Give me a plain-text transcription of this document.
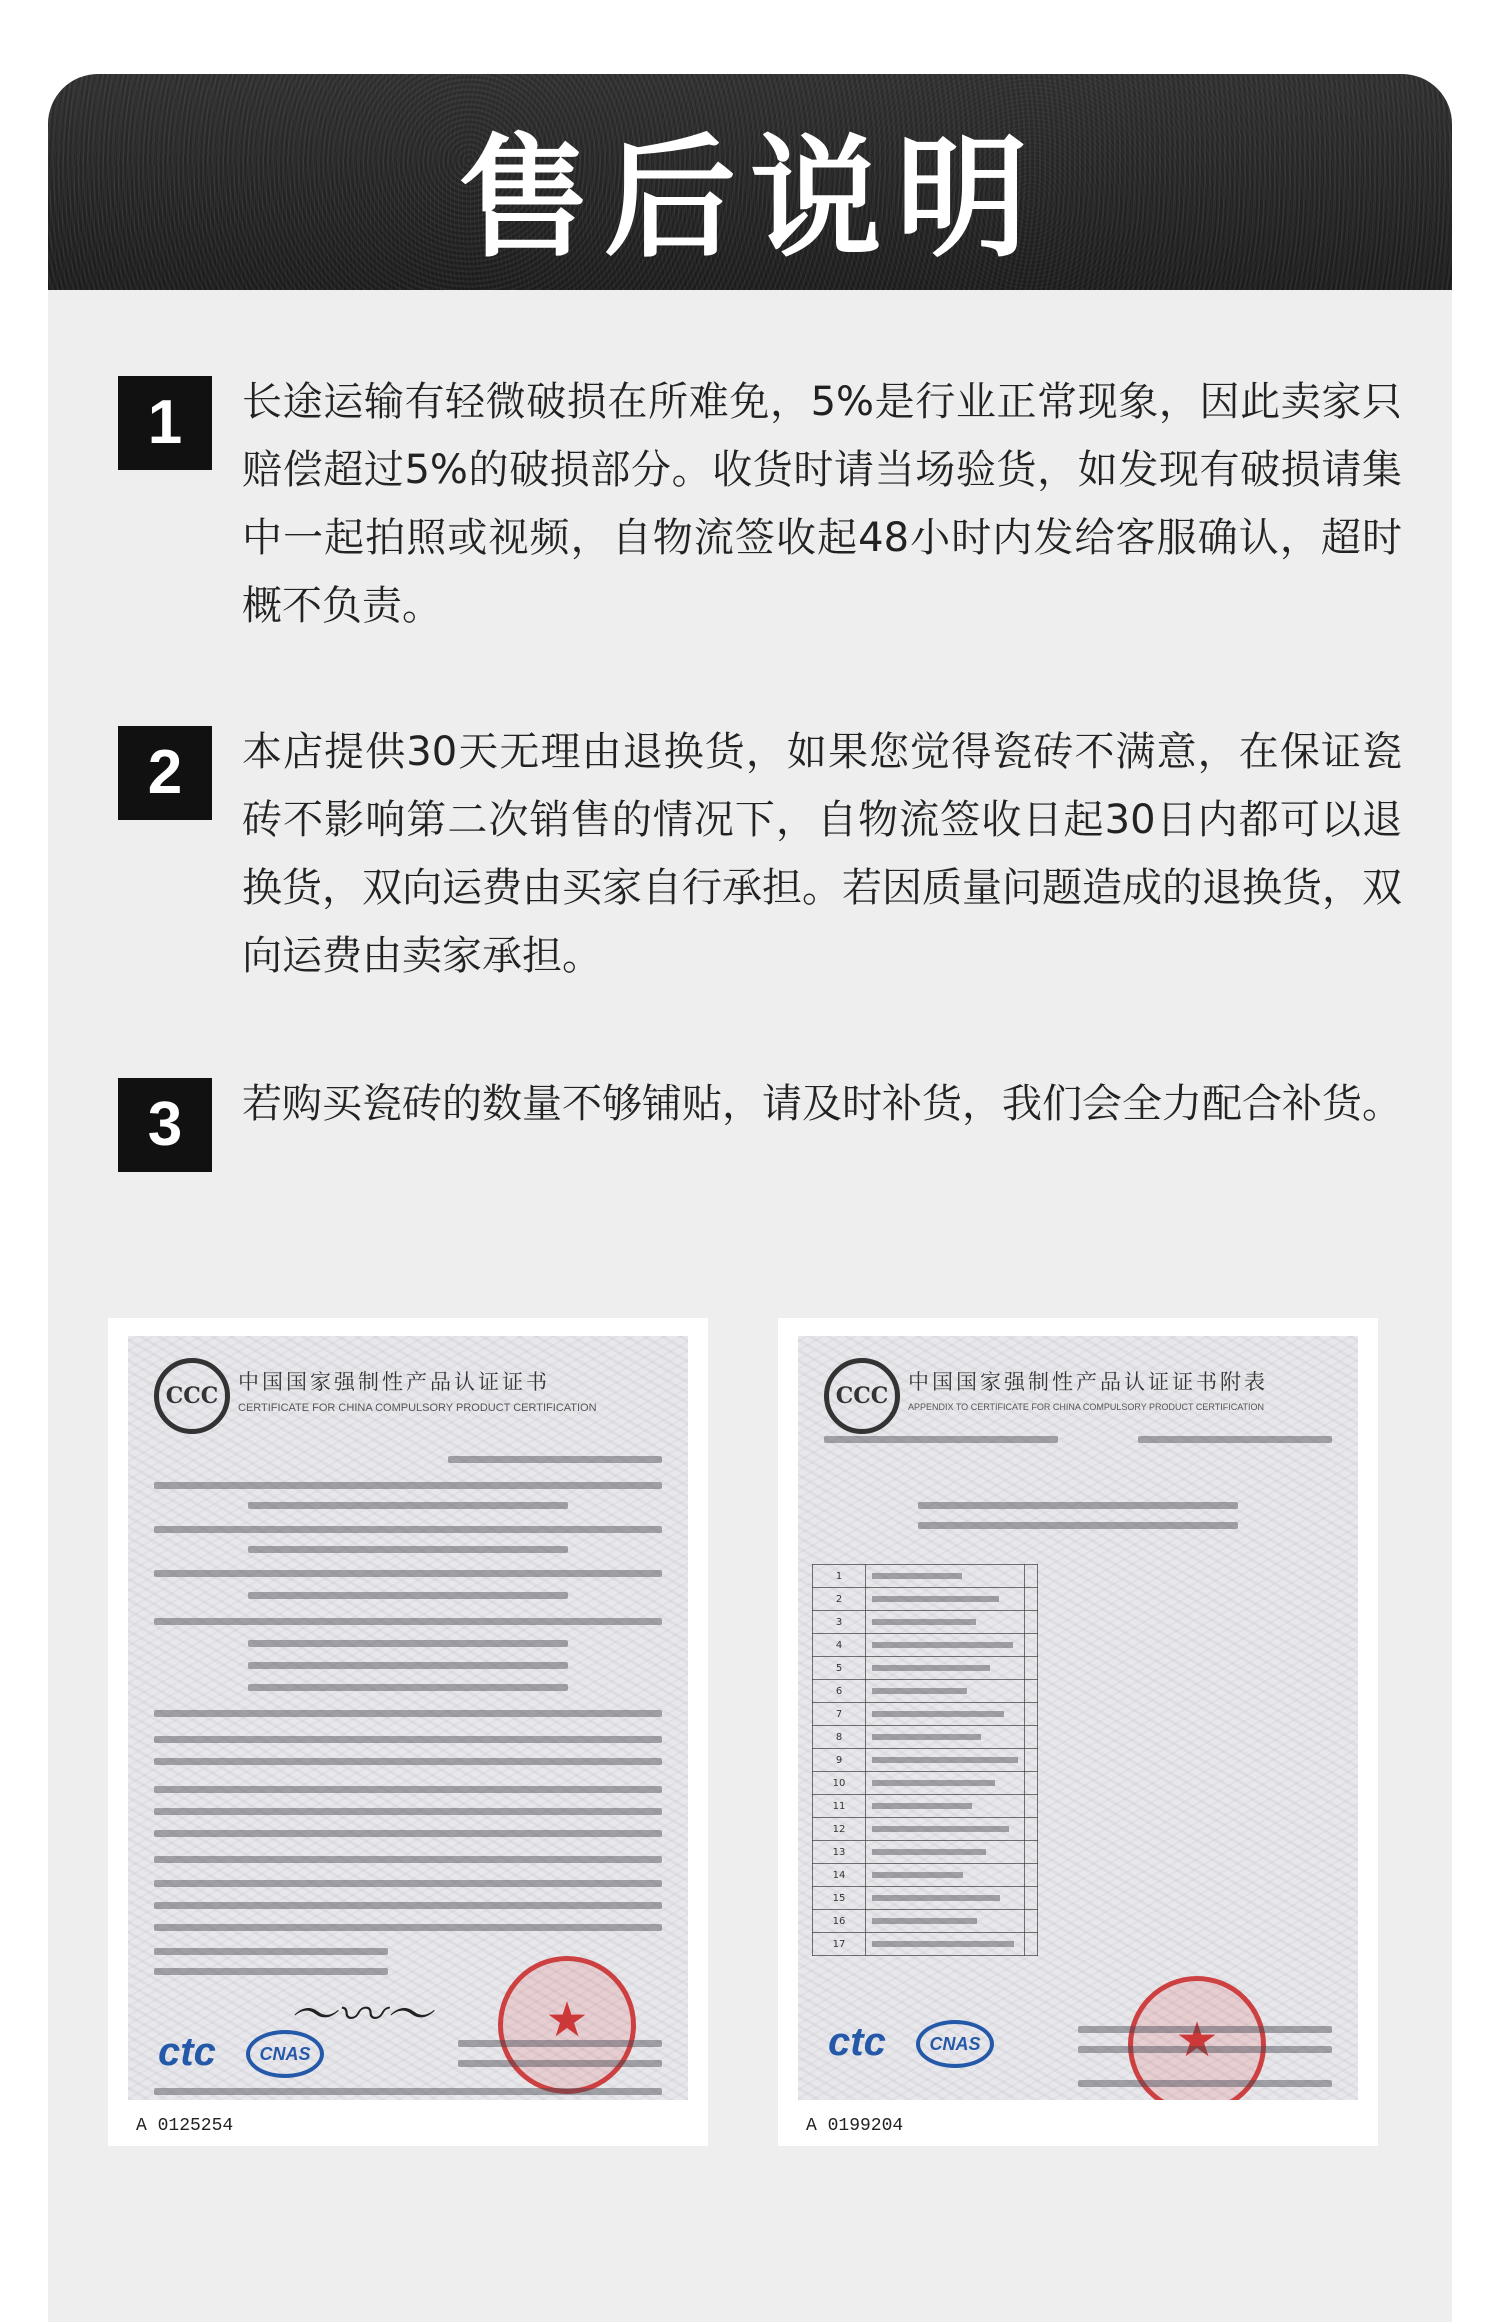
售后说明
1	长途运输有轻微破损在所难免，5%是行业正常现象，因此卖家只赔偿超过5%的破损部分。收货时请当场验货，如发现有破损请集中一起拍照或视频，自物流签收起48小时内发给客服确认，超时概不负责。
2	本店提供30天无理由退换货，如果您觉得瓷砖不满意，在保证瓷砖不影响第二次销售的情况下，自物流签收日起30日内都可以退换货，双向运费由买家自行承担。若因质量问题造成的退换货，双向运费由卖家承担。
3	若购买瓷砖的数量不够铺贴，请及时补货，我们会全力配合补货。
CCC
中国国家强制性产品认证证书
CERTIFICATE FOR CHINA COMPULSORY PRODUCT CERTIFICATION
〜〰〜	★
ctc	CNAS
A 0125254
CCC
中国国家强制性产品认证证书附表
APPENDIX TO CERTIFICATE FOR CHINA COMPULSORY PRODUCT CERTIFICATION
1	

2	

3	

4	

5	

6	

7	

8	

9	

10	

11	

12	

13	

14	

15	

16	

17	

★
ctc	CNAS
A 0199204
